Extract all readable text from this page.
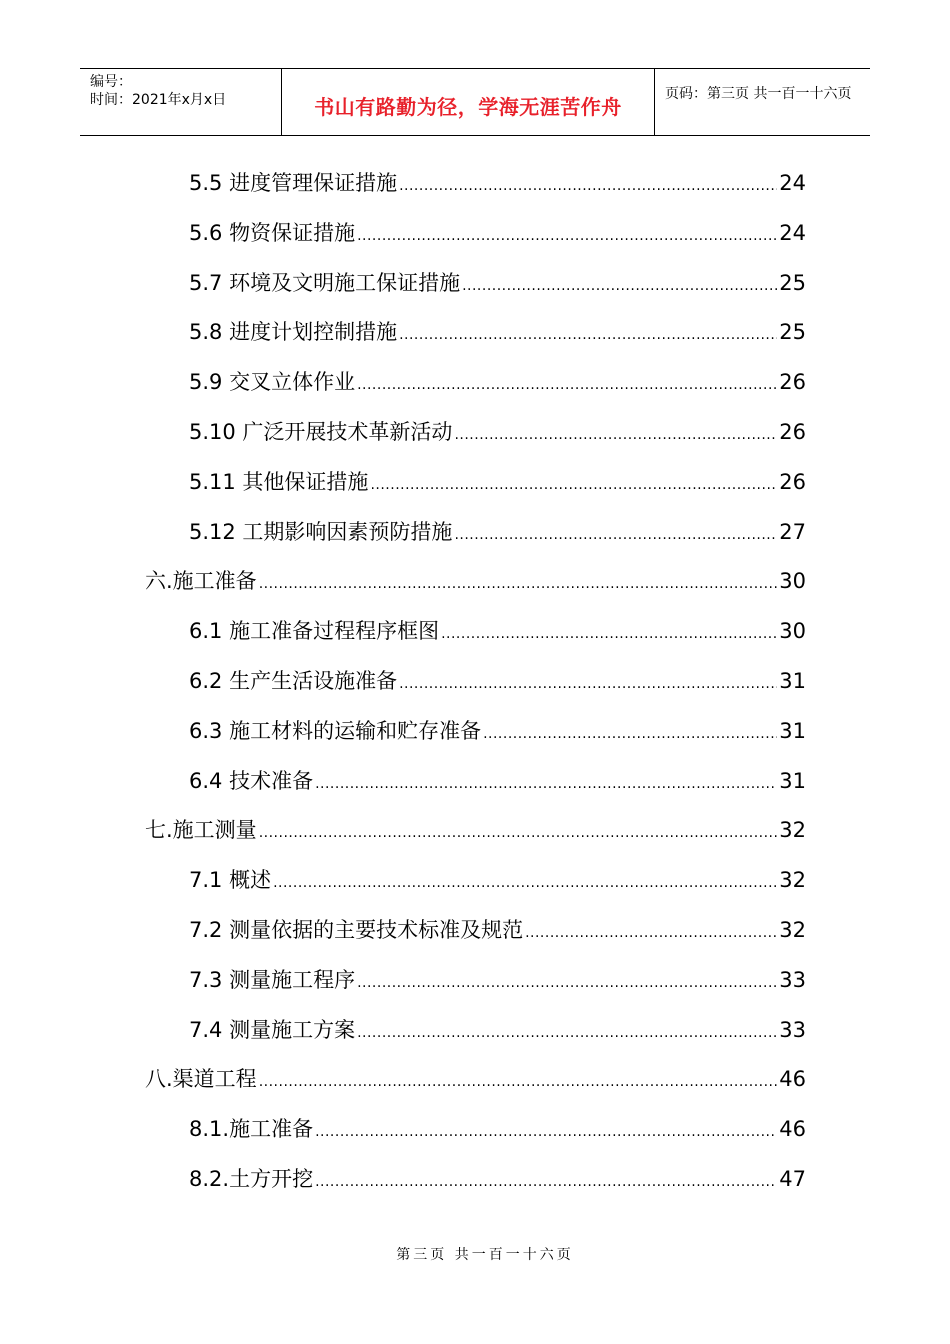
编号：
时间：2021年x月x日	书山有路勤为径，学海无涯苦作舟
页码：第三页 共一百一十六页
5.5 进度管理保证措施 .....	24
5.6 物资保证措施 .....	24
5.7 环境及文明施工保证措施 .....	25
5.8 进度计划控制措施 .....	25
5.9 交叉立体作业 .....	26
5.10 广泛开展技术革新活动 .....	26
5.11 其他保证措施 .....	26
5.12 工期影响因素预防措施 .....	27
六.施工准备 .....	30
6.1 施工准备过程程序框图 .....	30
6.2 生产生活设施准备 .....	31
6.3 施工材料的运输和贮存准备 .....	31
6.4 技术准备 .....	31
七.施工测量 .....	32
7.1 概述 .....	32
7.2 测量依据的主要技术标准及规范 .....	32
7.3 测量施工程序 .....	33
7.4 测量施工方案 .....	33
八.渠道工程 .....	46
8.1.施工准备 .....	46
8.2.土方开挖 .....	47
第三页 共一百一十六页
